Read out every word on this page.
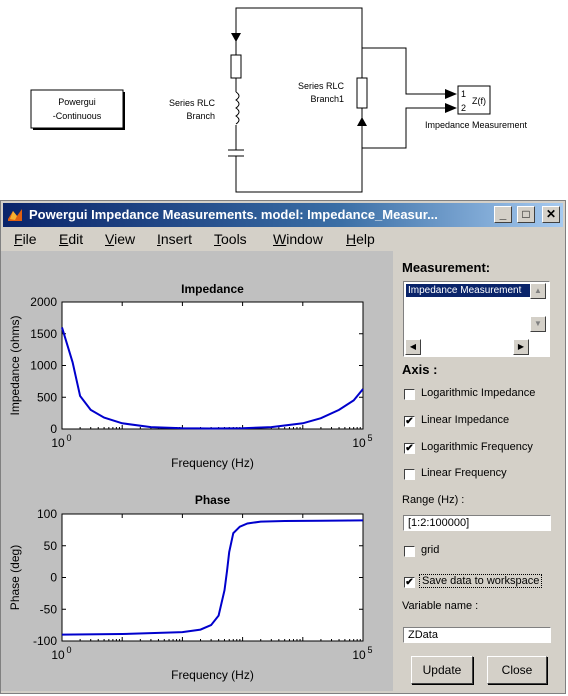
Powergui
-Continuous
Series RLC
Branch
Series RLC
Branch1	1
2
Z(f)
Impedance Measurement
Powergui Impedance Measurements. model: Impedance_Measur...	_	□	✕
File Edit View Insert Tools Window Help
Impedance
Frequency (Hz)
Impedance (ohms)
0
500
1000
1500
2000
10 0	10 5
Phase
Frequency (Hz)
Phase (deg)
-100
-50
0
50
100
10 0	10 5
Measurement:
Impedance Measurement	▲
▼
◀	▶
Axis :
Logarithmic Impedance
✔ Linear Impedance
✔ Logarithmic Frequency
Linear Frequency
Range (Hz) :
[1:2:100000]
grid
✔ Save data to workspace
Variable name :
ZData
Update	Close
